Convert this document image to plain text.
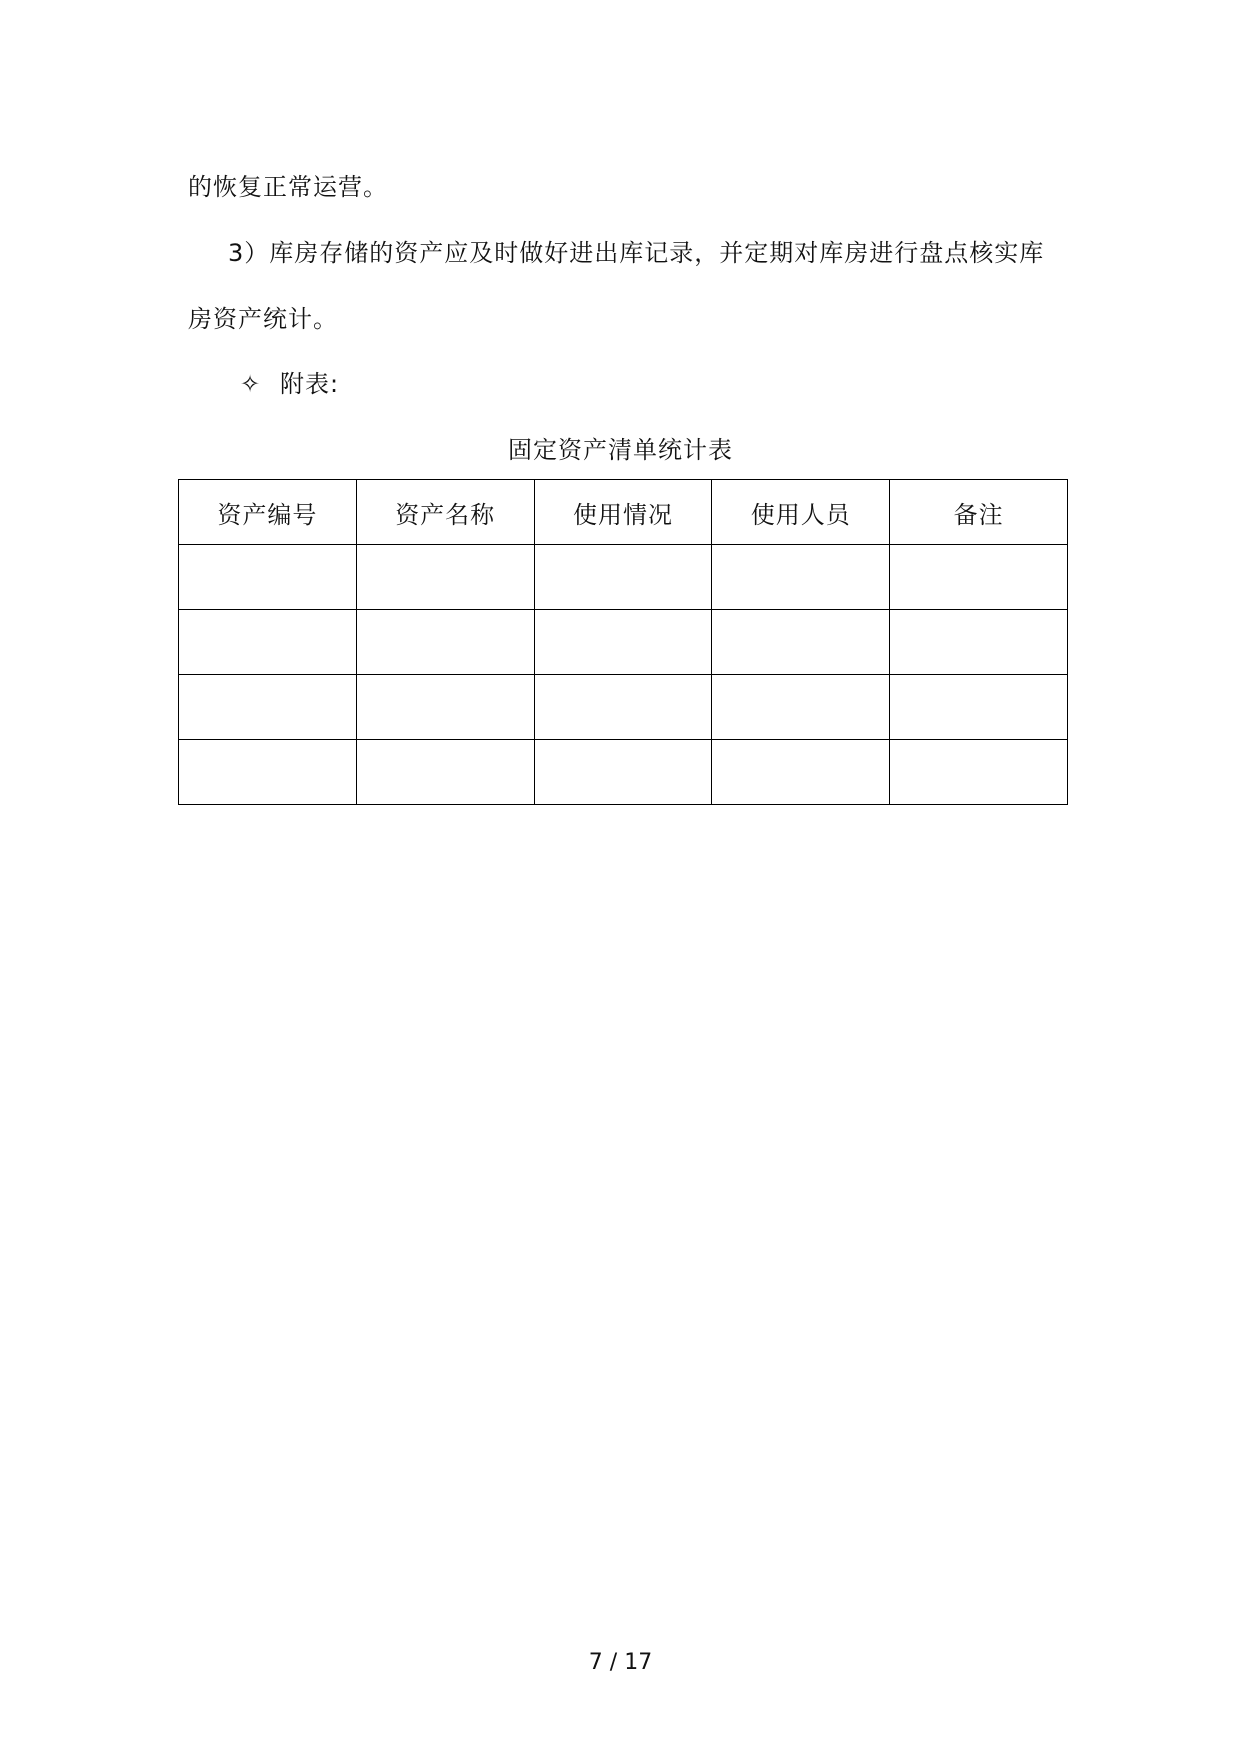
的恢复正常运营。
3）库房存储的资产应及时做好进出库记录，并定期对库房进行盘点核实库
房资产统计。
✧ 附表:
固定资产清单统计表
资产编号	资产名称	使用情况	使用人员	备注

7 / 17
